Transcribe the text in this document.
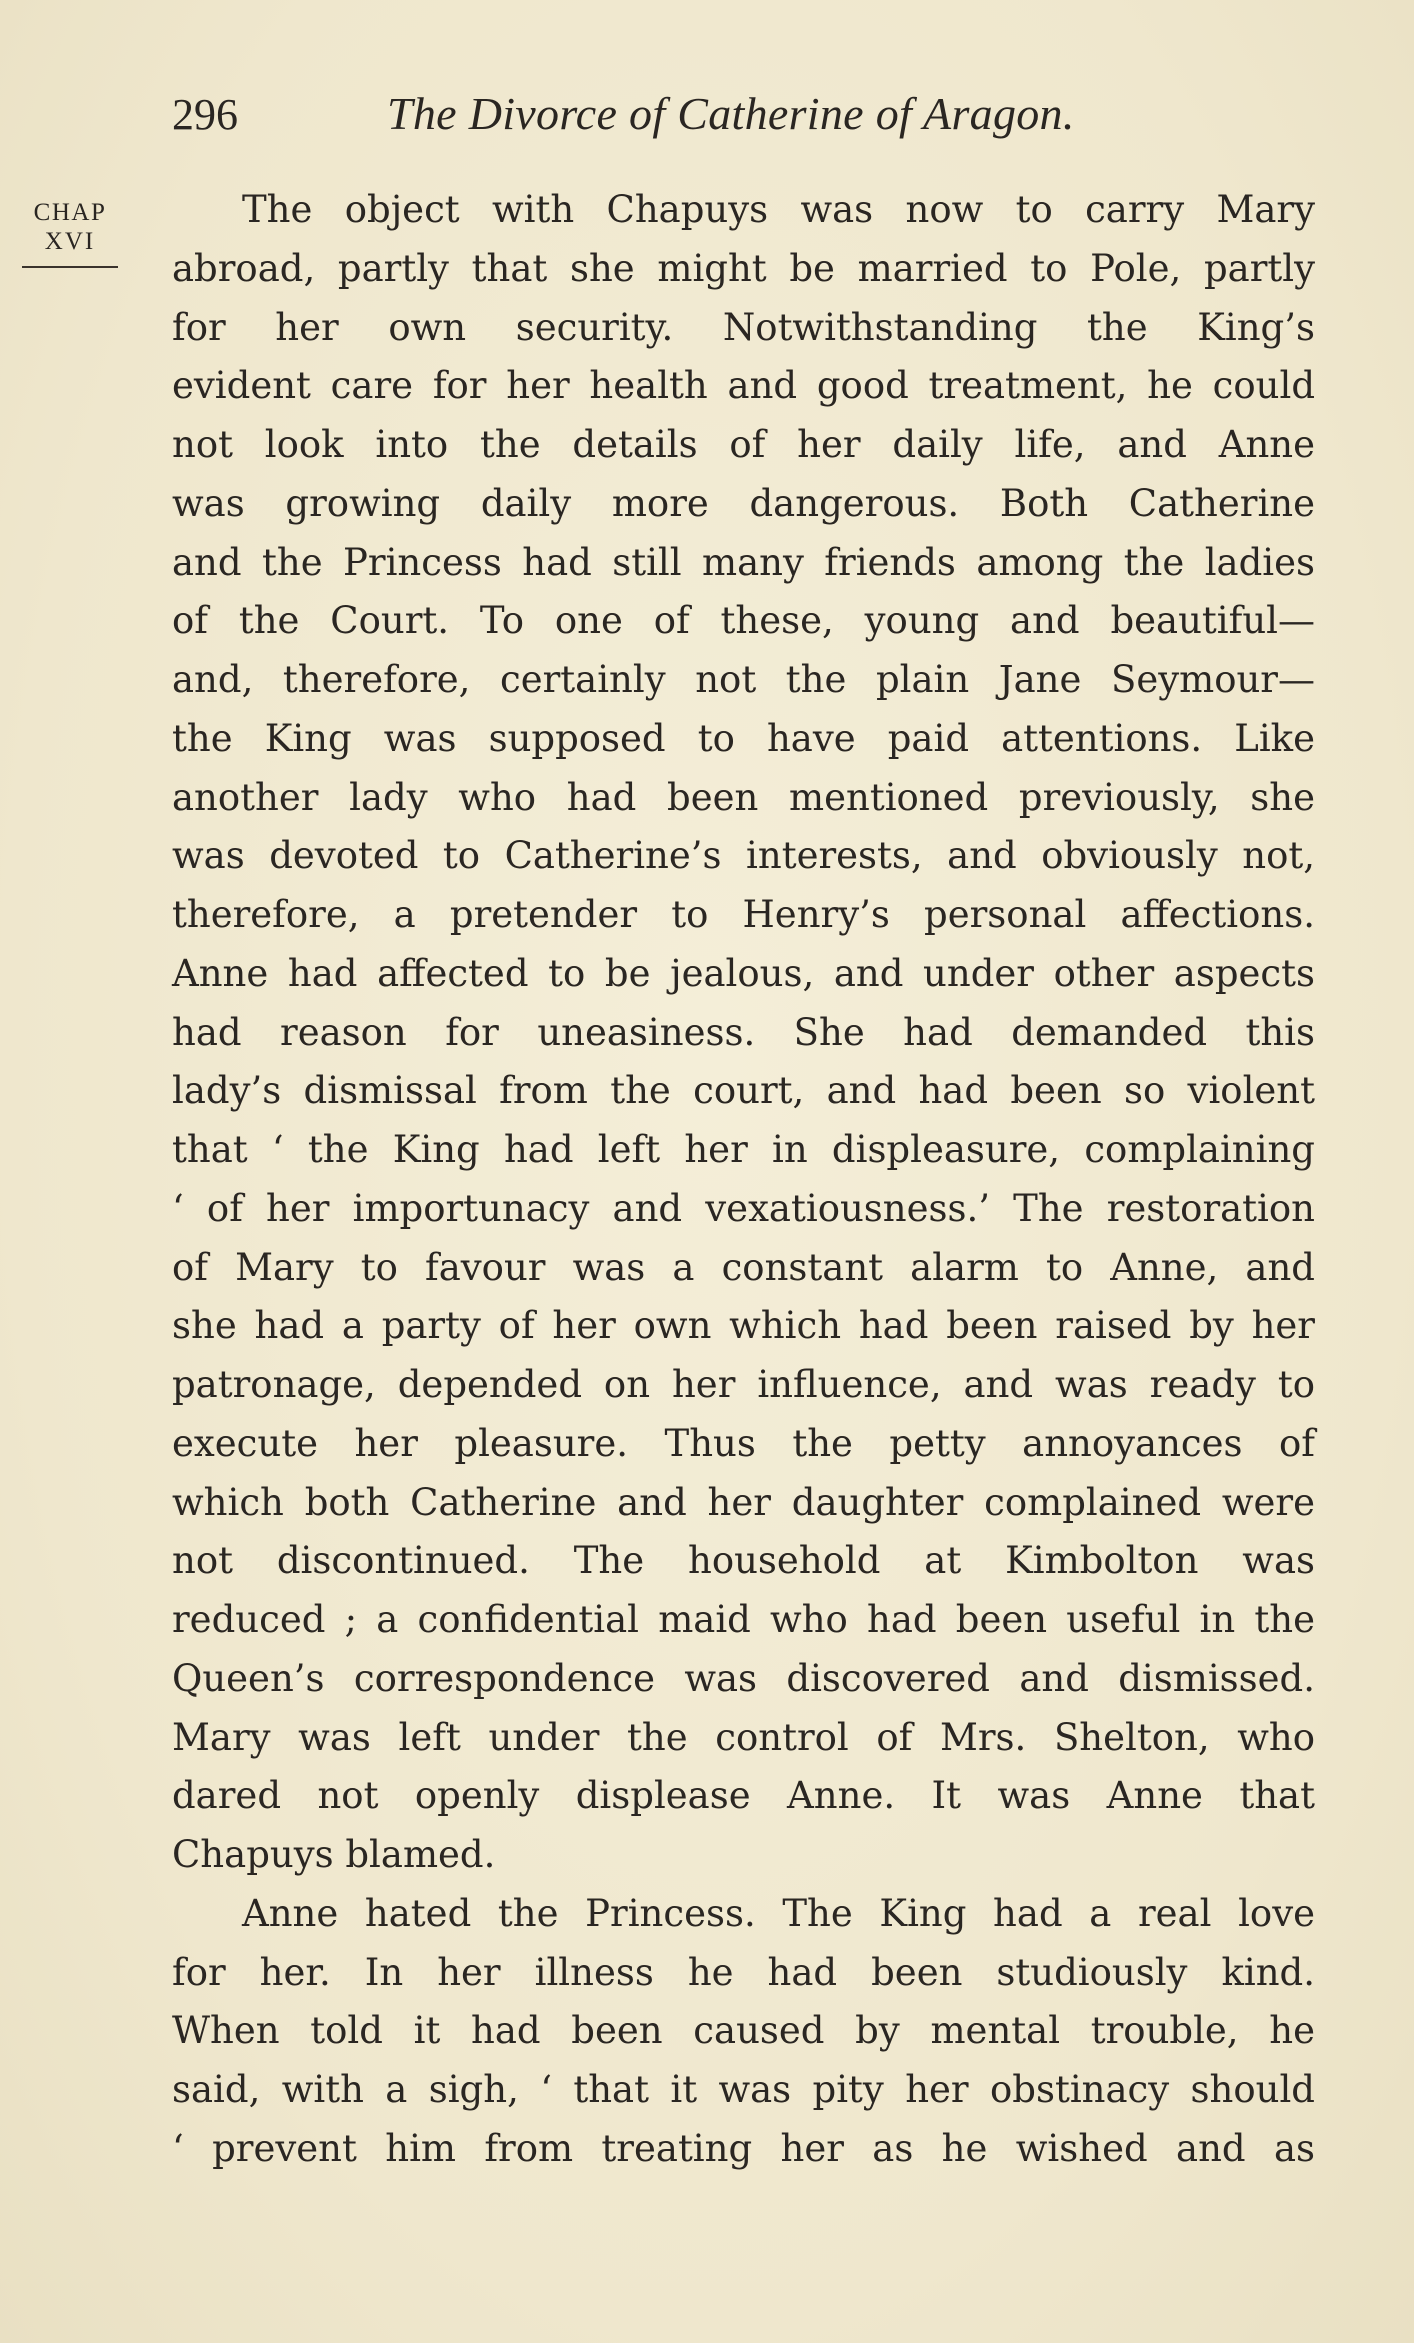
296	The Divorce of Catherine of Aragon.
CHAP
XVI
The object with Chapuys was now to carry Mary
abroad, partly that she might be married to Pole, partly
for her own security. Notwithstanding the King’s
evident care for her health and good treatment, he could
not look into the details of her daily life, and Anne
was growing daily more dangerous. Both Catherine
and the Princess had still many friends among the ladies
of the Court. To one of these, young and beautiful—
and, therefore, certainly not the plain Jane Seymour—
the King was supposed to have paid attentions. Like
another lady who had been mentioned previously, she
was devoted to Catherine’s interests, and obviously not,
therefore, a pretender to Henry’s personal affections.
Anne had affected to be jealous, and under other aspects
had reason for uneasiness. She had demanded this
lady’s dismissal from the court, and had been so violent
that ‘ the King had left her in displeasure, complaining
‘ of her importunacy and vexatiousness.’ The restoration
of Mary to favour was a constant alarm to Anne, and
she had a party of her own which had been raised by her
patronage, depended on her influence, and was ready to
execute her pleasure. Thus the petty annoyances of
which both Catherine and her daughter complained were
not discontinued. The household at Kimbolton was
reduced ; a confidential maid who had been useful in the
Queen’s correspondence was discovered and dismissed.
Mary was left under the control of Mrs. Shelton, who
dared not openly displease Anne. It was Anne that
Chapuys blamed.
Anne hated the Princess. The King had a real love
for her. In her illness he had been studiously kind.
When told it had been caused by mental trouble, he
said, with a sigh, ‘ that it was pity her obstinacy should
‘ prevent him from treating her as he wished and as
